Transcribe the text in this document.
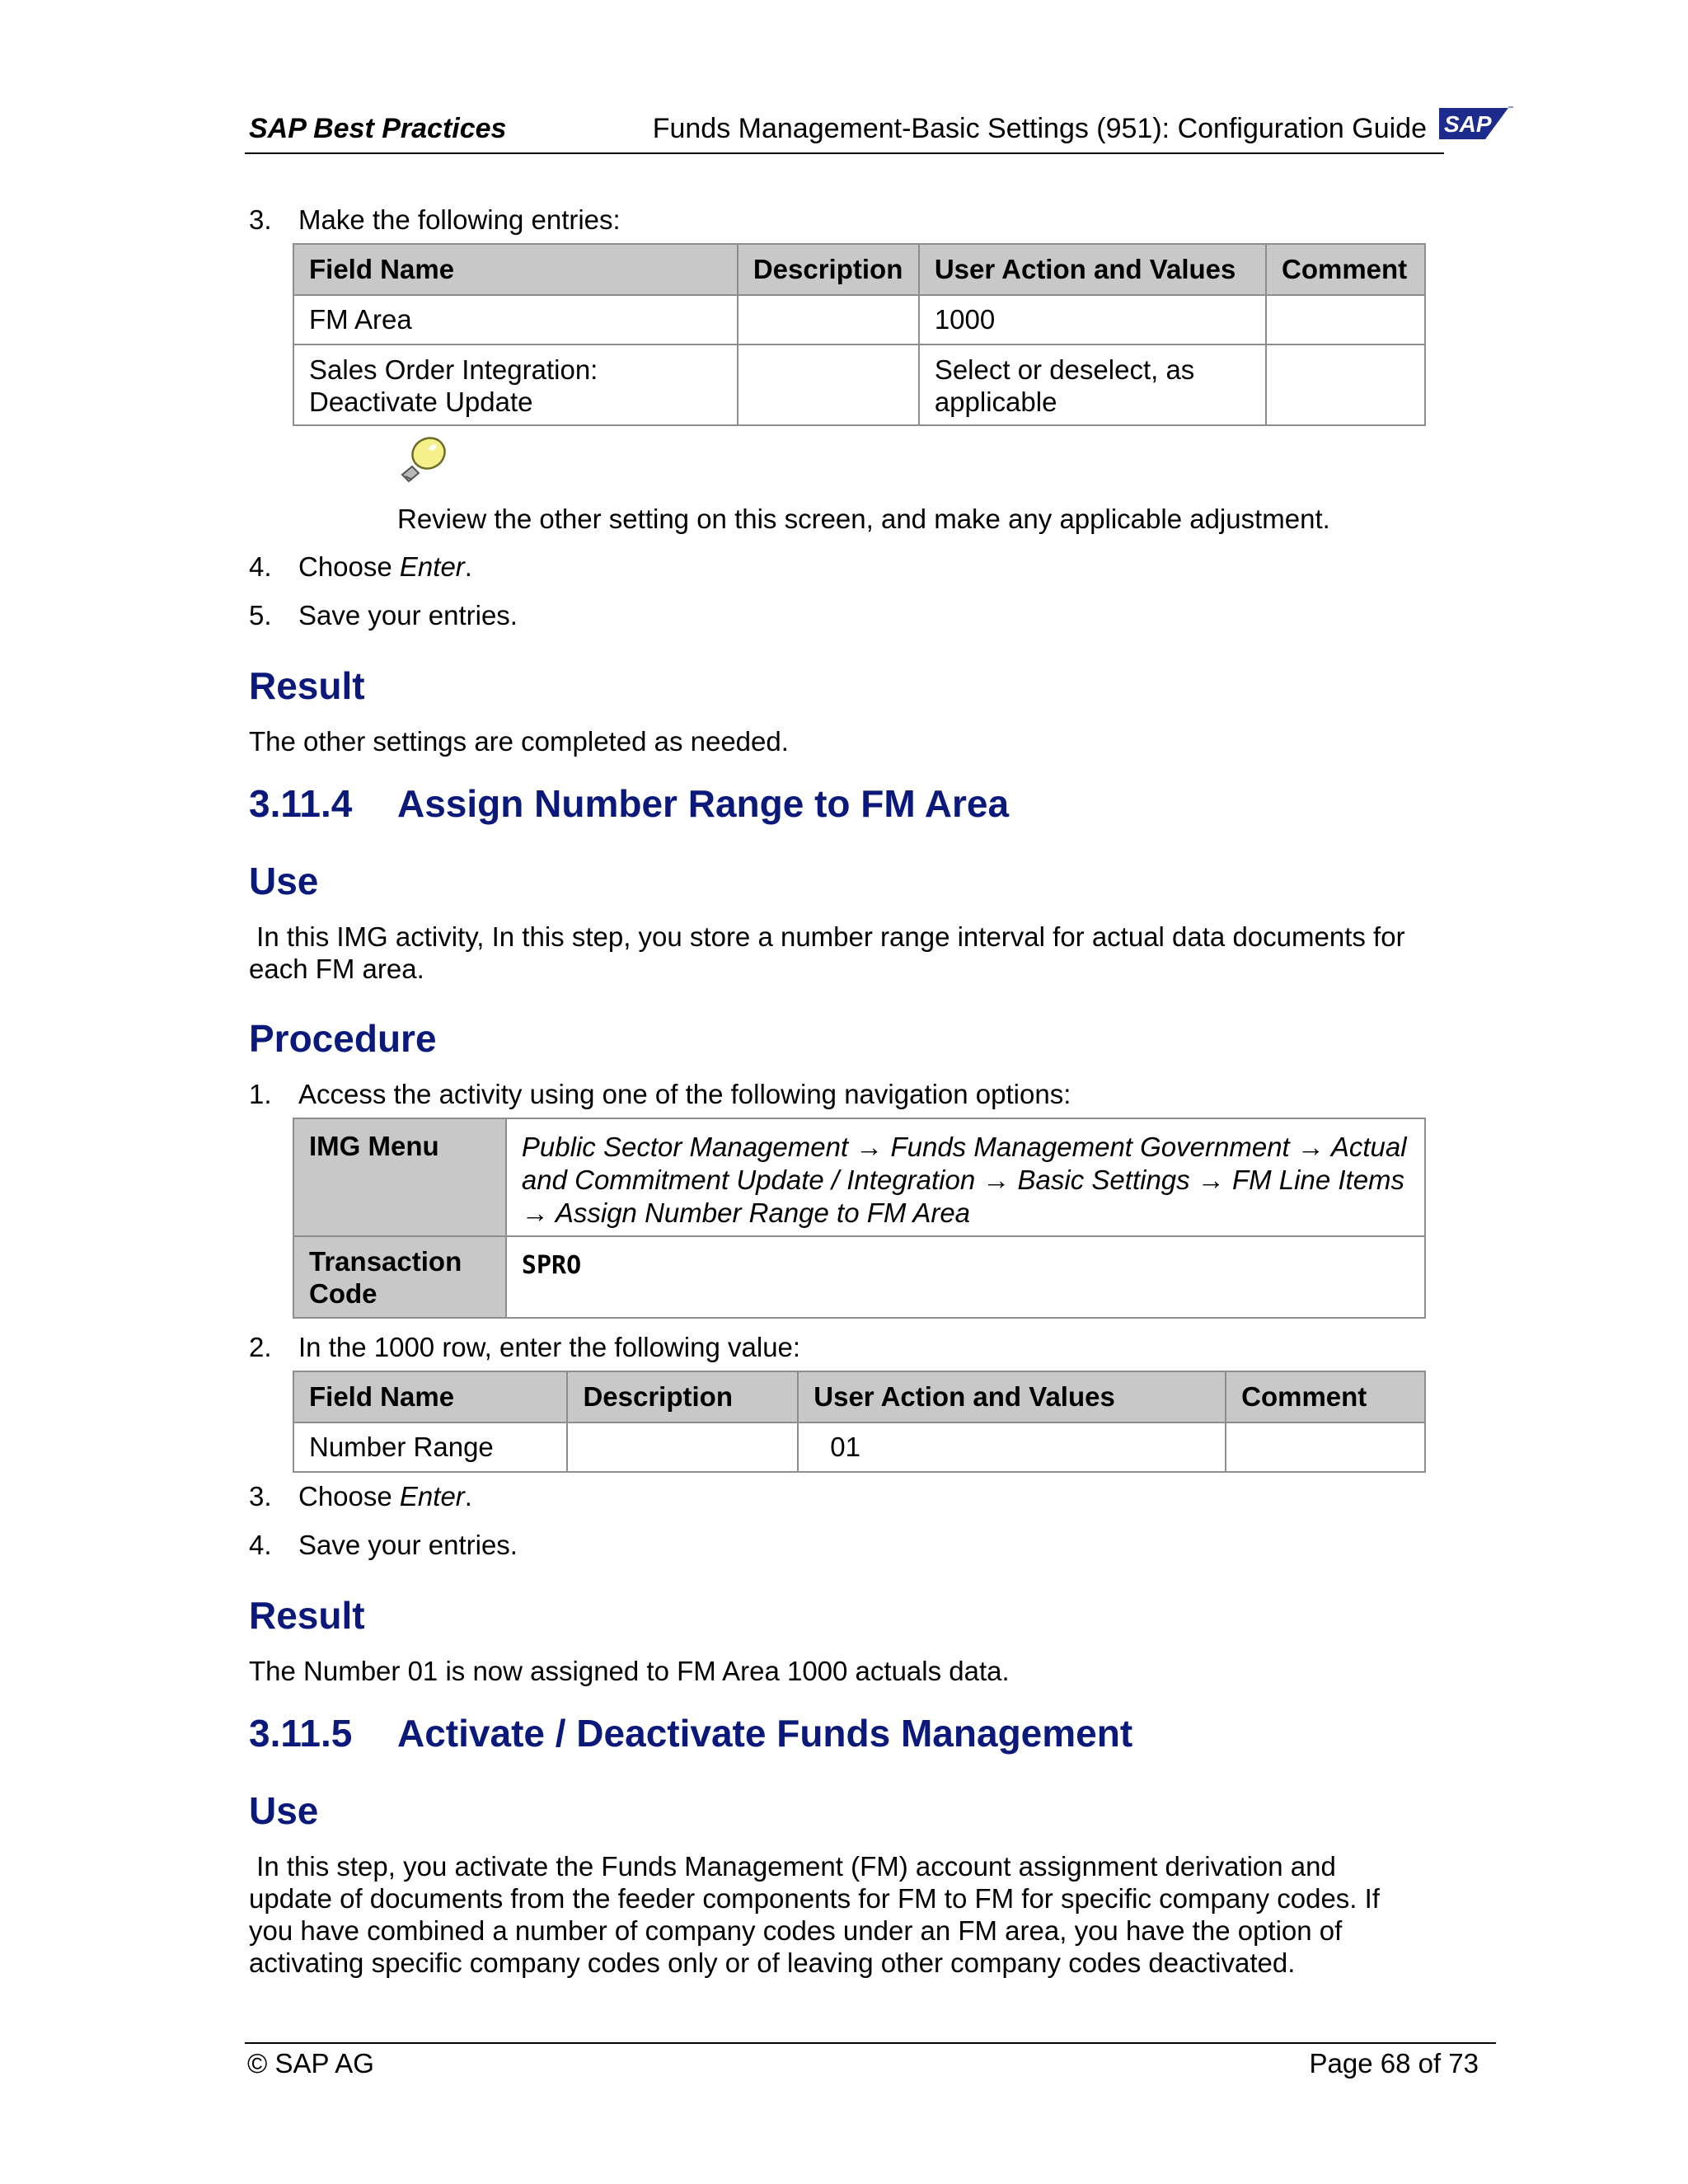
SAP Best Practices	Funds Management-Basic Settings (951): Configuration Guide SAP
3. Make the following entries:
Field Name	Description	User Action and Values	Comment
FM Area		1000	
Sales Order Integration: Deactivate Update		Select or deselect, as applicable	
Review the other setting on this screen, and make any applicable adjustment.
4. Choose Enter.
5. Save your entries.
Result
The other settings are completed as needed.
3.11.4 Assign Number Range to FM Area
Use
In this IMG activity, In this step, you store a number range interval for actual data documents for each FM area.
Procedure
1. Access the activity using one of the following navigation options:
IMG Menu	Public Sector Management → Funds Management Government → Actual and Commitment Update / Integration → Basic Settings → FM Line Items → Assign Number Range to FM Area
Transaction Code	SPRO
2. In the 1000 row, enter the following value:
Field Name	Description	User Action and Values	Comment
Number Range		01	
3. Choose Enter.
4. Save your entries.
Result
The Number 01 is now assigned to FM Area 1000 actuals data.
3.11.5 Activate / Deactivate Funds Management
Use
In this step, you activate the Funds Management (FM) account assignment derivation and update of documents from the feeder components for FM to FM for specific company codes. If you have combined a number of company codes under an FM area, you have the option of activating specific company codes only or of leaving other company codes deactivated.
© SAP AG	Page 68 of 73
